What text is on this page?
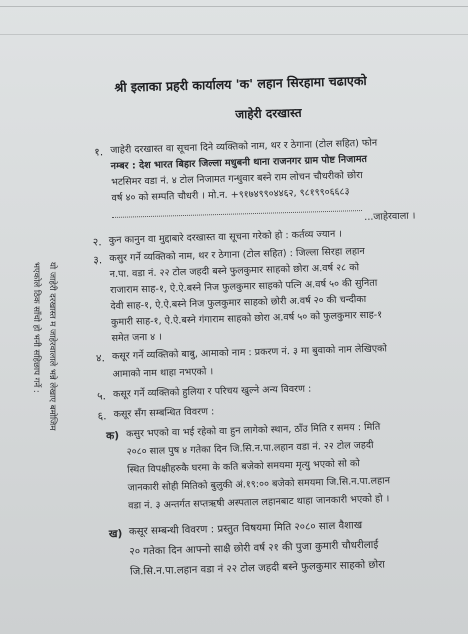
श्री इलाका प्रहरी कार्यालय 'क' लहान सिरहामा चढाएको
जाहेरी दरखास्त
१. जाहेरी दरखास्त वा सूचना दिने व्यक्तिको नाम, थर र ठेगाना (टोल सहित) फोन
नम्बर : देश भारत बिहार जिल्ला मधुबनी थाना राजनगर ग्राम पोष्ट निजामत
भटसिमर वडा नं. ४ टोल निजामत गन्धुवार बस्ने राम लोचन चौधरीको छोरा
वर्ष ४० को सम्पति चौधरी । मो.न. +९१७४९९०४४६२, ९८१९९०६६८३
...जाहेरवाला ।
२. कुन कानुन वा मुद्दाबारे दरखास्त वा सूचना गरेको हो : कर्तव्य ज्यान ।
३. कसुर गर्ने व्यक्तिको नाम, थर र ठेगाना (टोल सहित) : जिल्ला सिरहा लहान
न.पा. वडा नं. २२ टोल जहदी बस्ने फुलकुमार साहको छोरा अ.वर्ष २८ को
राजाराम साह-१, ऐ.ऐ.बस्ने निज फुलकुमार साहको पत्नि अ.वर्ष ५० की सुनिता
देवी साह-१, ऐ.ऐ.बस्ने निज फुलकुमार साहको छोरी अ.वर्ष २० की चन्दीका
कुमारी साह-१, ऐ.ऐ.बस्ने गंगाराम साहको छोरा अ.वर्ष ५० को फुलकुमार साह-१
समेत जना ४ ।
४. कसूर गर्ने व्यक्तिको बाबु, आमाको नाम : प्रकरण नं. ३ मा बुवाको नाम लेखिएको
आमाको नाम थाहा नभएको ।
५. कसूर गर्ने व्यक्तिको हुलिया र परिचय खुल्ने अन्य विवरण :
६. कसूर सँग सम्बन्धित विवरण :
क) कसुर भएको वा भई रहेको वा हुन लागेको स्थान, ठाँउ मिति र समय : मिति
२०८० साल पुष ४ गतेका दिन जि.सि.न.पा.लहान वडा नं. २२ टोल जहदी
स्थित विपक्षीहरुकै घरमा के कति बजेको समयमा मृत्यु भएको सो को
जानकारी सोही मितिको बुलुकी अं.१९:०० बजेको समयमा जि.सि.न.पा.लहान
वडा नं. ३ अन्तर्गत सप्तऋषी अस्पताल लहानबाट थाहा जानकारी भएको हो ।
ख) कसूर सम्बन्धी विवरण : प्रस्तुत विषयमा मिति २०८० साल वैशाख
२० गतेका दिन आफ्नो साक्षै छोरी वर्ष २१ की पुजा कुमारी चौधरीलाई
जि.सि.न.पा.लहान वडा नं २२ टोल जहदी बस्ने फुलकुमार साहको छोरा
यो जाहेरी दरखास्त म जाहेरवालाले भन्ने लेखाए बमोजिम
भएकोले ठिक साँचो हो भनी सहिछाप गर्ने :
